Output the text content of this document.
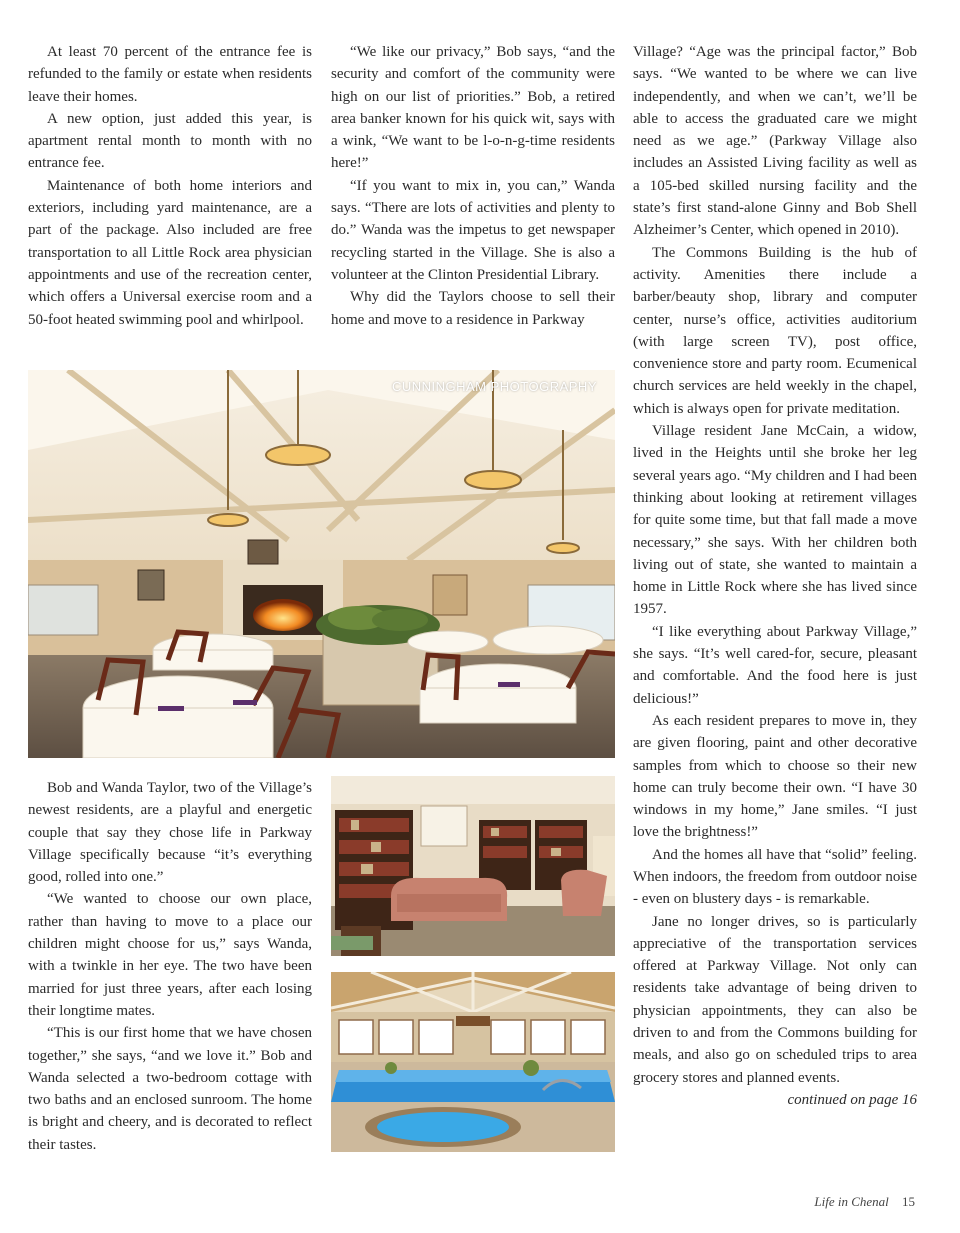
At least 70 percent of the entrance fee is refunded to the family or estate when residents leave their homes.

A new option, just added this year, is apartment rental month to month with no entrance fee.

Maintenance of both home interiors and exteriors, including yard maintenance, are a part of the package. Also included are free transportation to all Little Rock area physician appointments and use of the recreation center, which offers a Universal exercise room and a 50-foot heated swimming pool and whirlpool.

“We like our privacy,” Bob says, “and the security and comfort of the community were high on our list of priorities.” Bob, a retired area banker known for his quick wit, says with a wink, “We want to be l-o-n-g-time residents here!”

“If you want to mix in, you can,” Wanda says. “There are lots of activities and plenty to do.” Wanda was the impetus to get newspaper recycling started in the Village. She is also a volunteer at the Clinton Presidential Library.

Why did the Taylors choose to sell their home and move to a residence in Parkway

CUNNINGHAM PHOTOGRAPHY

Bob and Wanda Taylor, two of the Village’s newest residents, are a playful and energetic couple that say they chose life in Parkway Village specifically because “it’s everything good, rolled into one.”

“We wanted to choose our own place, rather than having to move to a place our children might choose for us,” says Wanda, with a twinkle in her eye. The two have been married for just three years, after each losing their longtime mates.

“This is our first home that we have chosen together,” she says, “and we love it.” Bob and Wanda selected a two-bedroom cottage with two baths and an enclosed sunroom. The home is bright and cheery, and is decorated to reflect their tastes.

Village? “Age was the principal factor,” Bob says. “We wanted to be where we can live independently, and when we can’t, we’ll be able to access the graduated care we might need as we age.” (Parkway Village also includes an Assisted Living facility as well as a 105-bed skilled nursing facility and the state’s first stand-alone Ginny and Bob Shell Alzheimer’s Center, which opened in 2010).

The Commons Building is the hub of activity. Amenities there include a barber/beauty shop, library and computer center, nurse’s office, activities auditorium (with large screen TV), post office, convenience store and party room. Ecumenical church services are held weekly in the chapel, which is always open for private meditation.

Village resident Jane McCain, a widow, lived in the Heights until she broke her leg several years ago. “My children and I had been thinking about looking at retirement villages for quite some time, but that fall made a move necessary,” she says. With her children both living out of state, she wanted to maintain a home in Little Rock where she has lived since 1957.

“I like everything about Parkway Village,” she says. “It’s well cared-for, secure, pleasant and comfortable. And the food here is just delicious!”

As each resident prepares to move in, they are given flooring, paint and other decorative samples from which to choose so their new home can truly become their own. “I have 30 windows in my home,” Jane smiles. “I just love the brightness!”

And the homes all have that “solid” feeling. When indoors, the freedom from outdoor noise - even on blustery days - is remarkable.

Jane no longer drives, so is particularly appreciative of the transportation services offered at Parkway Village. Not only can residents take advantage of being driven to physician appointments, they can also be driven to and from the Commons building for meals, and also go on scheduled trips to area grocery stores and planned events.

continued on page 16

Life in Chenal 15
